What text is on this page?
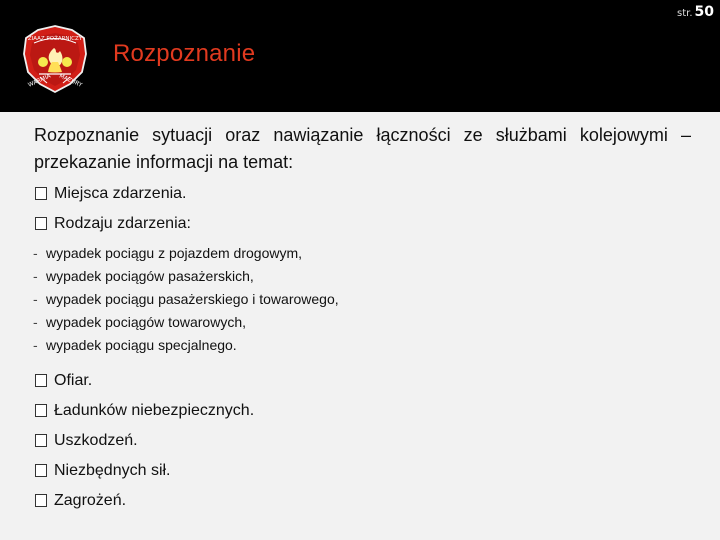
str. 50
ZIAAZ POŻARNICZY
WARMIA MAZURY
Rozpoznanie

Rozpoznanie sytuacji oraz nawiązanie łączności ze służbami kolejowymi – przekazanie informacji na temat:

Miejsca zdarzenia.
Rodzaju zdarzenia:
- wypadek pociągu z pojazdem drogowym,
- wypadek pociągów pasażerskich,
- wypadek pociągu pasażerskiego i towarowego,
- wypadek pociągów towarowych,
- wypadek pociągu specjalnego.
Ofiar.
Ładunków niebezpiecznych.
Uszkodzeń.
Niezbędnych sił.
Zagrożeń.
